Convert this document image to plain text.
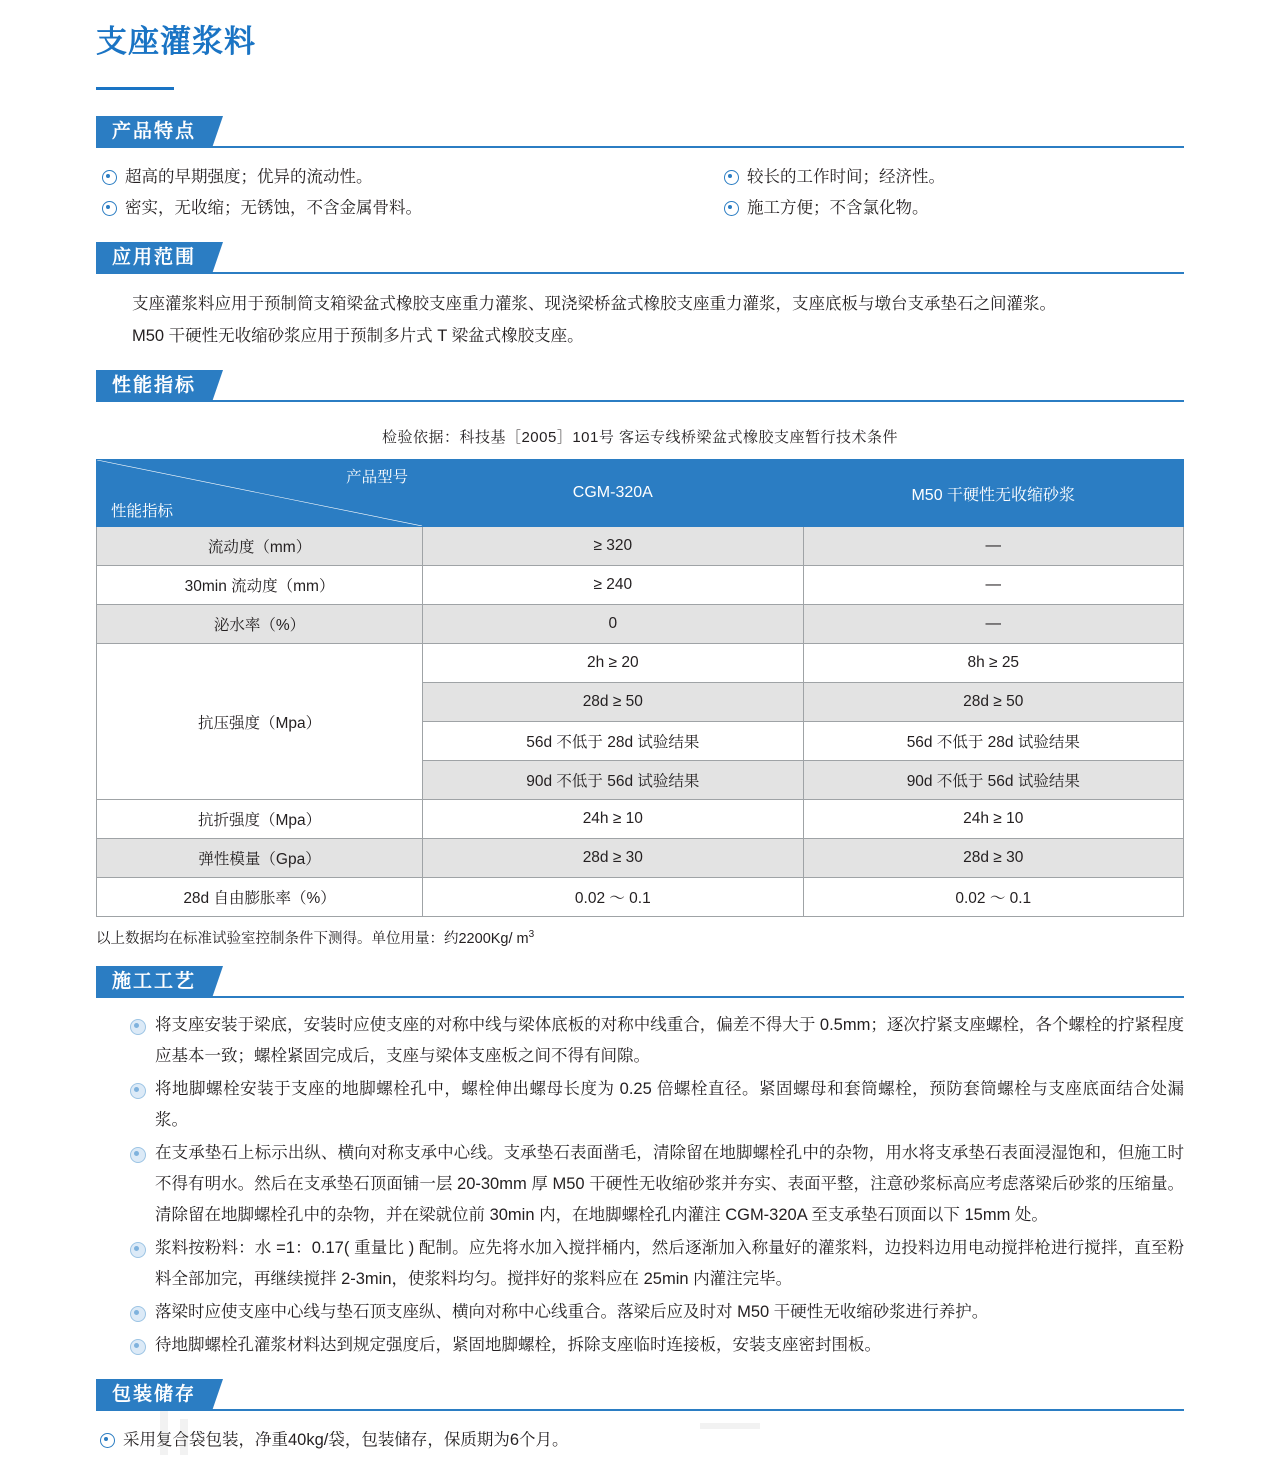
支座灌浆料
产品特点
超高的早期强度；优异的流动性。
密实，无收缩；无锈蚀，不含金属骨料。
较长的工作时间；经济性。
施工方便；不含氯化物。
应用范围

支座灌浆料应用于预制简支箱梁盆式橡胶支座重力灌浆、现浇梁桥盆式橡胶支座重力灌浆，支座底板与墩台支承垫石之间灌浆。

M50 干硬性无收缩砂浆应用于预制多片式 T 梁盆式橡胶支座。

性能指标
检验依据：科技基［2005］101号 客运专线桥梁盆式橡胶支座暂行技术条件
产品型号
性能指标	CGM-320A	M50 干硬性无收缩砂浆
流动度（mm）	≥ 320	—
30min 流动度（mm）	≥ 240	—
泌水率（%）	0	—
抗压强度（Mpa）	2h ≥ 20	8h ≥ 25
	28d ≥ 50	28d ≥ 50
	56d 不低于 28d 试验结果	56d 不低于 28d 试验结果
	90d 不低于 56d 试验结果	90d 不低于 56d 试验结果
抗折强度（Mpa）	24h ≥ 10	24h ≥ 10
弹性模量（Gpa）	28d ≥ 30	28d ≥ 30
28d 自由膨胀率（%）	0.02 ～ 0.1	0.02 ～ 0.1
以上数据均在标准试验室控制条件下测得。单位用量：约2200Kg/ $m^3$
施工工艺
将支座安装于梁底，安装时应使支座的对称中线与梁体底板的对称中线重合，偏差不得大于 0.5mm；逐次拧紧支座螺栓，各个螺栓的拧紧程度应基本一致；螺栓紧固完成后，支座与梁体支座板之间不得有间隙。
将地脚螺栓安装于支座的地脚螺栓孔中，螺栓伸出螺母长度为 0.25 倍螺栓直径。紧固螺母和套筒螺栓，预防套筒螺栓与支座底面结合处漏浆。
在支承垫石上标示出纵、横向对称支承中心线。支承垫石表面凿毛，清除留在地脚螺栓孔中的杂物，用水将支承垫石表面浸湿饱和，但施工时不得有明水。然后在支承垫石顶面铺一层 20-30mm 厚 M50 干硬性无收缩砂浆并夯实、表面平整，注意砂浆标高应考虑落梁后砂浆的压缩量。清除留在地脚螺栓孔中的杂物，并在梁就位前 30min 内，在地脚螺栓孔内灌注 CGM-320A 至支承垫石顶面以下 15mm 处。
浆料按粉料：水 =1：0.17( 重量比 ) 配制。应先将水加入搅拌桶内，然后逐渐加入称量好的灌浆料，边投料边用电动搅拌枪进行搅拌，直至粉料全部加完，再继续搅拌 2-3min，使浆料均匀。搅拌好的浆料应在 25min 内灌注完毕。
落梁时应使支座中心线与垫石顶支座纵、横向对称中心线重合。落梁后应及时对 M50 干硬性无收缩砂浆进行养护。
待地脚螺栓孔灌浆材料达到规定强度后，紧固地脚螺栓，拆除支座临时连接板，安装支座密封围板。
包装储存
采用复合袋包装，净重40kg/袋，包装储存，保质期为6个月。
